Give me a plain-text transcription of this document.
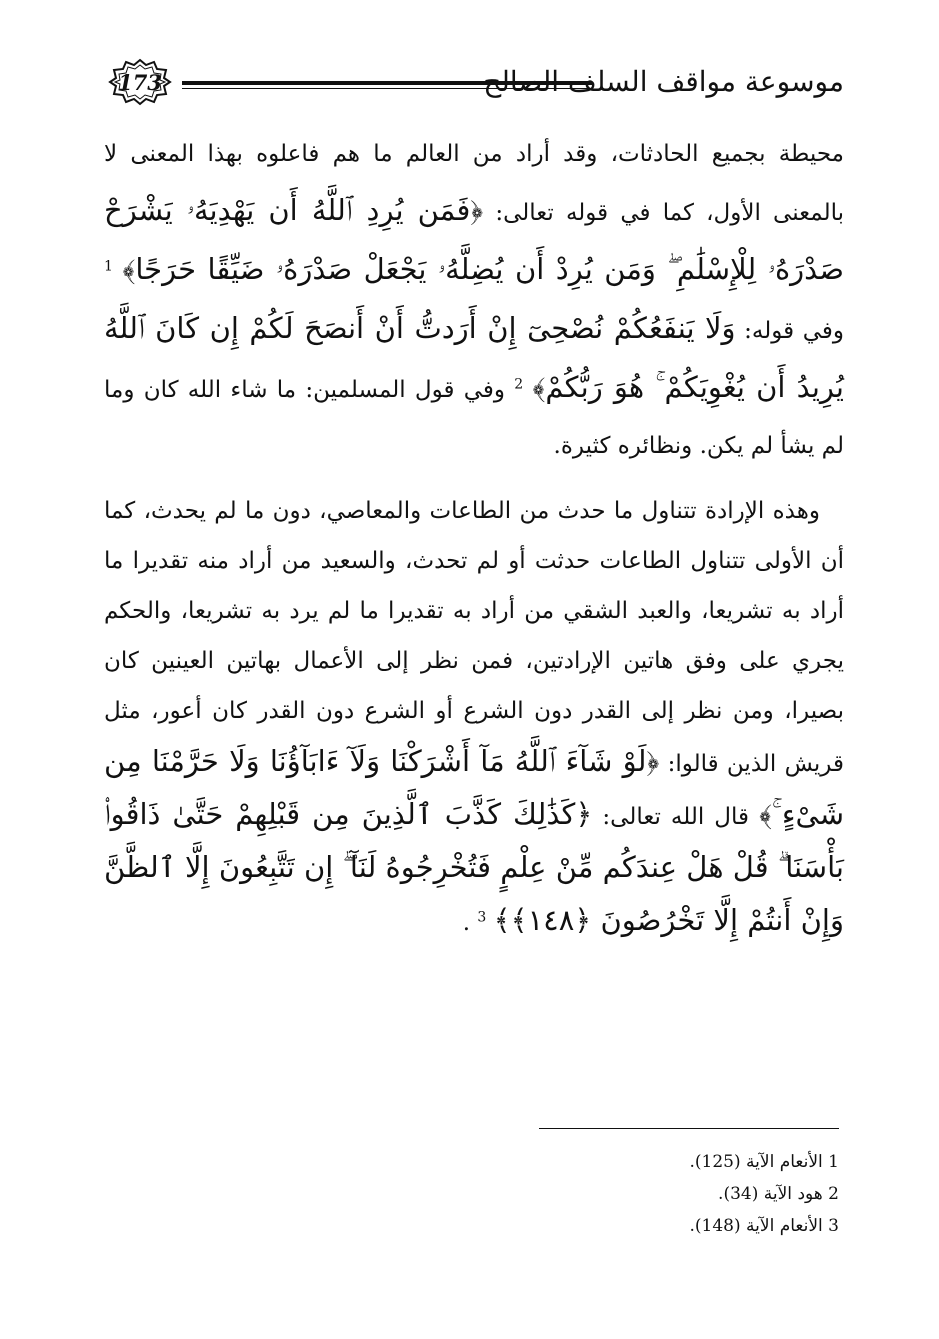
173	موسوعة مواقف السلف الصالح

محيطة بجميع الحادثات، وقد أراد من العالم ما هم فاعلوه بهذا المعنى لا بالمعنى الأول، كما في قوله تعالى: ﴿فَمَن يُرِدِ ٱللَّهُ أَن يَهْدِيَهُۥ يَشْرَحْ صَدْرَهُۥ لِلْإِسْلَٰمِ ۖ وَمَن يُرِدْ أَن يُضِلَّهُۥ يَجْعَلْ صَدْرَهُۥ ضَيِّقًا حَرَجًا﴾ $^1$ وفي قوله: وَلَا يَنفَعُكُمْ نُصْحِىٓ إِنْ أَرَدتُّ أَنْ أَنصَحَ لَكُمْ إِن كَانَ ٱللَّهُ يُرِيدُ أَن يُغْوِيَكُمْ ۚ هُوَ رَبُّكُمْ﴾ $^2$ وفي قول المسلمين: ما شاء الله كان وما لم يشأ لم يكن. ونظائره كثيرة.

وهذه الإرادة تتناول ما حدث من الطاعات والمعاصي، دون ما لم يحدث، كما أن الأولى تتناول الطاعات حدثت أو لم تحدث، والسعيد من أراد منه تقديرا ما أراد به تشريعا، والعبد الشقي من أراد به تقديرا ما لم يرد به تشريعا، والحكم يجري على وفق هاتين الإرادتين، فمن نظر إلى الأعمال بهاتين العينين كان بصيرا، ومن نظر إلى القدر دون الشرع أو الشرع دون القدر كان أعور، مثل قريش الذين قالوا: ﴿لَوْ شَآءَ ٱللَّهُ مَآ أَشْرَكْنَا وَلَآ ءَابَآؤُنَا وَلَا حَرَّمْنَا مِن شَىْءٍ ۚ﴾ قال الله تعالى: ﴿كَذَٰلِكَ كَذَّبَ ٱلَّذِينَ مِن قَبْلِهِمْ حَتَّىٰ ذَاقُوا۟ بَأْسَنَا ۗ قُلْ هَلْ عِندَكُم مِّنْ عِلْمٍ فَتُخْرِجُوهُ لَنَآ ۖ إِن تَتَّبِعُونَ إِلَّا ٱلظَّنَّ وَإِنْ أَنتُمْ إِلَّا تَخْرُصُونَ ﴿١٤٨﴾﴾ $^3$ .

1 الأنعام الآية (125).
2 هود الآية (34).
3 الأنعام الآية (148).
